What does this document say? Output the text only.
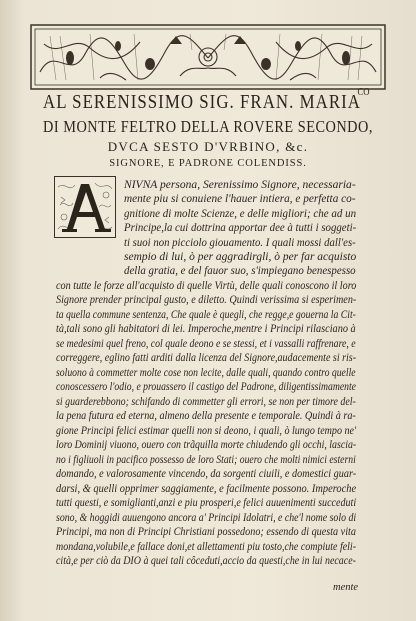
AL SERENISSIMO SIG. FRAN. $MARIA^{CO}$
DI MONTE FELTRO DELLA ROVERE SECONDO,
DVCA SESTO D'VRBINO, &c.
SIGNORE, E PADRONE COLENDISS.
A
NIVNA persona, Serenissimo Signore, necessaria-
mente piu si conuiene l'hauer intiera, e perfetta co-
gnitione di molte Scienze, e delle migliori; che ad un
Principe,la cui dottrina apportar dee à tutti i soggeti-
ti suoi non picciolo giouamento. I quali mossi dall'es-
sempio di lui, ò per aggradirgli, ò per far acquisto
della gratia, e del fauor suo, s'impiegano benespesso
con tutte le forze all'acquisto di quelle Virtù, delle quali conoscono il loro
Signore prender principal gusto, e diletto. Quindi verissima si esperimen-
ta quella commune sentenza, Che quale è quegli, che regge,e gouerna la Cit-
tà,tali sono gli habitatori di lei. Imperoche,mentre i Principi rilasciano à
se medesimi quel freno, col quale deono e se stessi, et i vassalli raffrenare, e
correggere, eglino fatti arditi dalla licenza del Signore,audacemente si ris-
soluono à commetter molte cose non lecite, dalle quali, quando contro quelle
conoscessero l'odio, e prouassero il castigo del Padrone, diligentissimamente
si guarderebbono; schifando di commetter gli errori, se non per timore del-
la pena futura ed eterna, almeno della presente e temporale. Quindi à ra-
gione Principi felici estimar quelli non si deono, i quali, ò lungo tempo ne'
loro Dominij viuono, ouero con trãquilla morte chiudendo gli occhi, lascia-
no i figliuoli in pacifico possesso de loro Stati; ouero che molti nimici esterni
domando, e valorosamente vincendo, da sorgenti ciuili, e domestici guar-
darsi, & quelli opprimer saggiamente, e facilmente possono. Imperoche
tutti questi, e somiglianti,anzi e piu prosperi,e felici auuenimenti succeduti
sono, & hoggidi auuengono ancora a' Principi Idolatri, e che'l nome solo di
Principi, ma non di Principi Christiani possedono; essendo di questa vita
mondana,volubile,e fallace doni,et allettamenti piu tosto,che compiute feli-
cità,e per ciò da DIO à quei tali côceduti,accio da questi,che in lui necace-
mente
